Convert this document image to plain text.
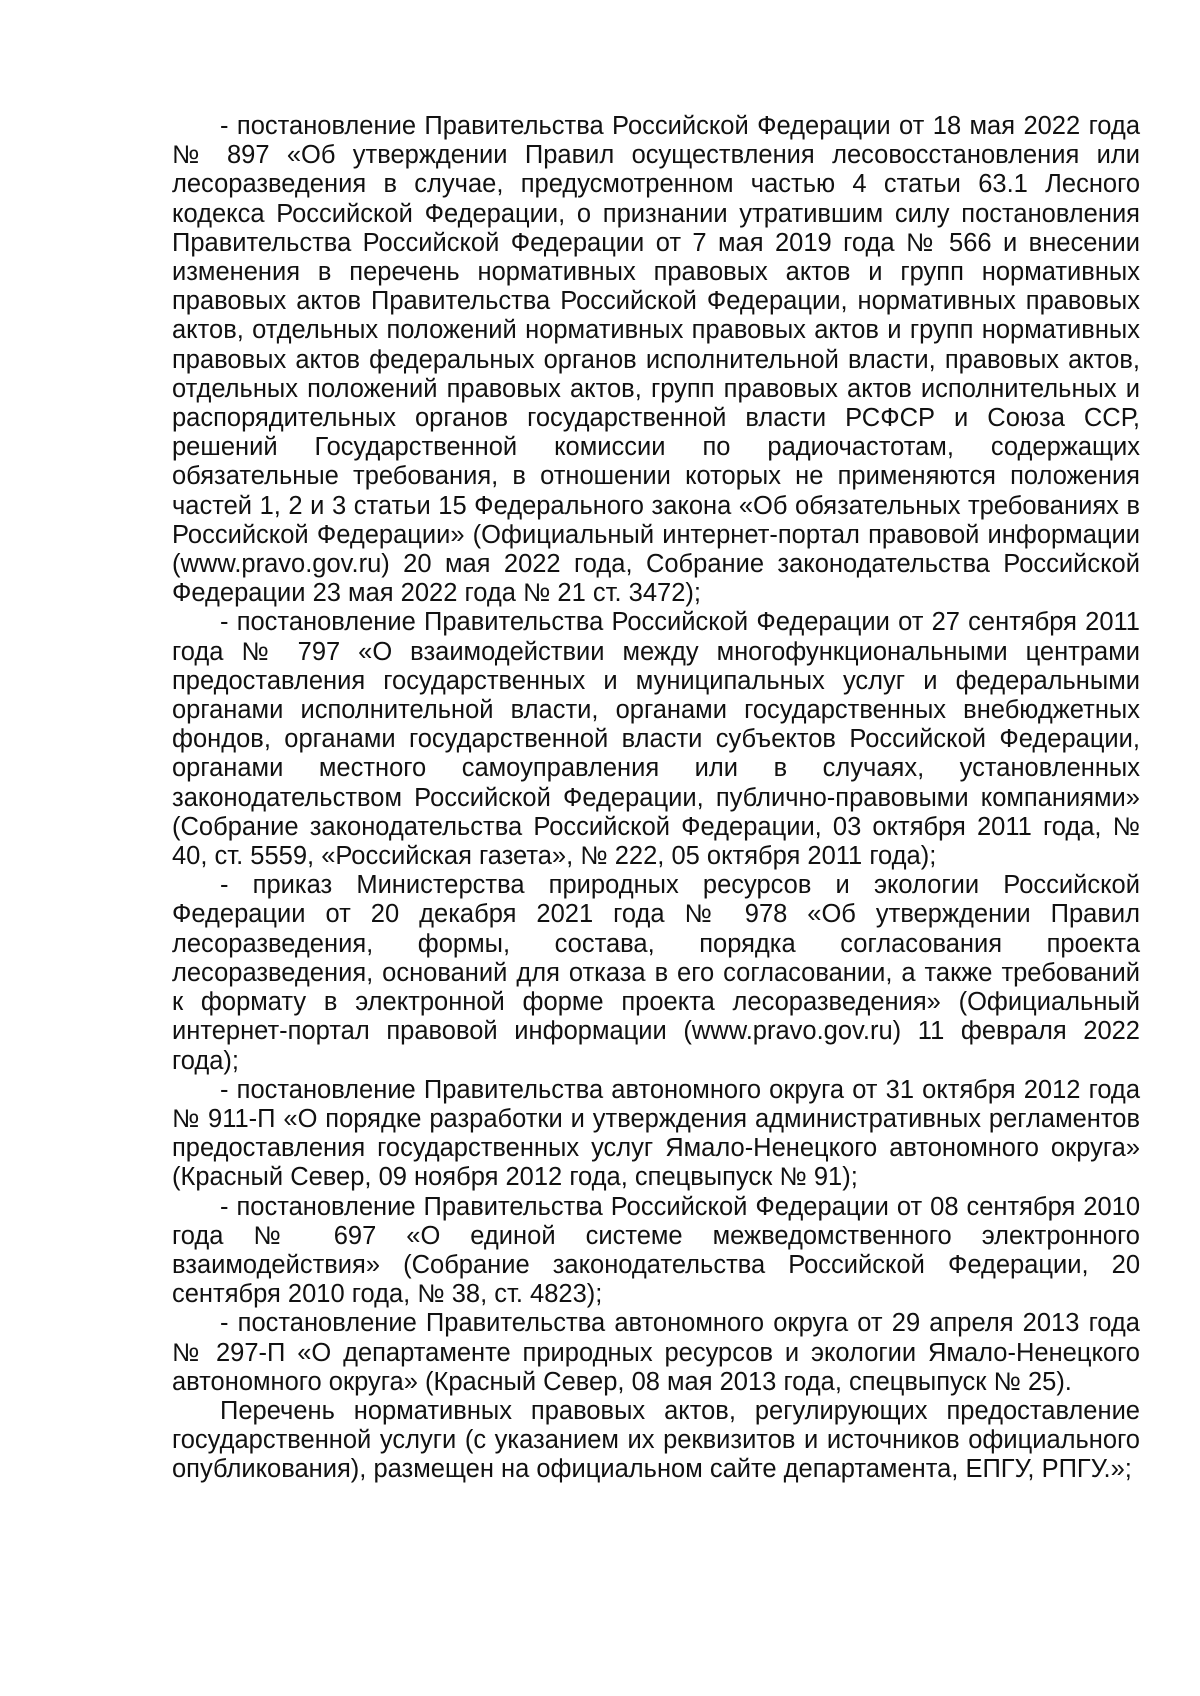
- постановление Правительства Российской Федерации от 18 мая 2022 года № 897 «Об утверждении Правил осуществления лесовосстановления или лесоразведения в случае, предусмотренном частью 4 статьи 63.1 Лесного кодекса Российской Федерации, о признании утратившим силу постановления Правительства Российской Федерации от 7 мая 2019 года № 566 и внесении изменения в перечень нормативных правовых актов и групп нормативных правовых актов Правительства Российской Федерации, нормативных правовых актов, отдельных положений нормативных правовых актов и групп нормативных правовых актов федеральных органов исполнительной власти, правовых актов, отдельных положений правовых актов, групп правовых актов исполнительных и распорядительных органов государственной власти РСФСР и Союза ССР, решений Государственной комиссии по радиочастотам, содержащих обязательные требования, в отношении которых не применяются положения частей 1, 2 и 3 статьи 15 Федерального закона «Об обязательных требованиях в Российской Федерации» (Официальный интернет-портал правовой информации (www.pravo.gov.ru) 20 мая 2022 года, Собрание законодательства Российской Федерации 23 мая 2022 года № 21 ст. 3472);

- постановление Правительства Российской Федерации от 27 сентября 2011 года № 797 «О взаимодействии между многофункциональными центрами предоставления государственных и муниципальных услуг и федеральными органами исполнительной власти, органами государственных внебюджетных фондов, органами государственной власти субъектов Российской Федерации, органами местного самоуправления или в случаях, установленных законодательством Российской Федерации, публично-правовыми компаниями» (Собрание законодательства Российской Федерации, 03 октября 2011 года, № 40, ст. 5559, «Российская газета», № 222, 05 октября 2011 года);

- приказ Министерства природных ресурсов и экологии Российской Федерации от 20 декабря 2021 года № 978 «Об утверждении Правил лесоразведения, формы, состава, порядка согласования проекта лесоразведения, оснований для отказа в его согласовании, а также требований к формату в электронной форме проекта лесоразведения» (Официальный интернет-портал правовой информации (www.pravo.gov.ru) 11 февраля 2022 года);

- постановление Правительства автономного округа от 31 октября 2012 года № 911-П «О порядке разработки и утверждения административных регламентов предоставления государственных услуг Ямало-Ненецкого автономного округа» (Красный Север, 09 ноября 2012 года, спецвыпуск № 91);

- постановление Правительства Российской Федерации от 08 сентября 2010 года № 697 «О единой системе межведомственного электронного взаимодействия» (Собрание законодательства Российской Федерации, 20 сентября 2010 года, № 38, ст. 4823);

- постановление Правительства автономного округа от 29 апреля 2013 года № 297-П «О департаменте природных ресурсов и экологии Ямало-Ненецкого автономного округа» (Красный Север, 08 мая 2013 года, спецвыпуск № 25).

Перечень нормативных правовых актов, регулирующих предоставление государственной услуги (с указанием их реквизитов и источников официального опубликования), размещен на официальном сайте департамента, ЕПГУ, РПГУ.»;
